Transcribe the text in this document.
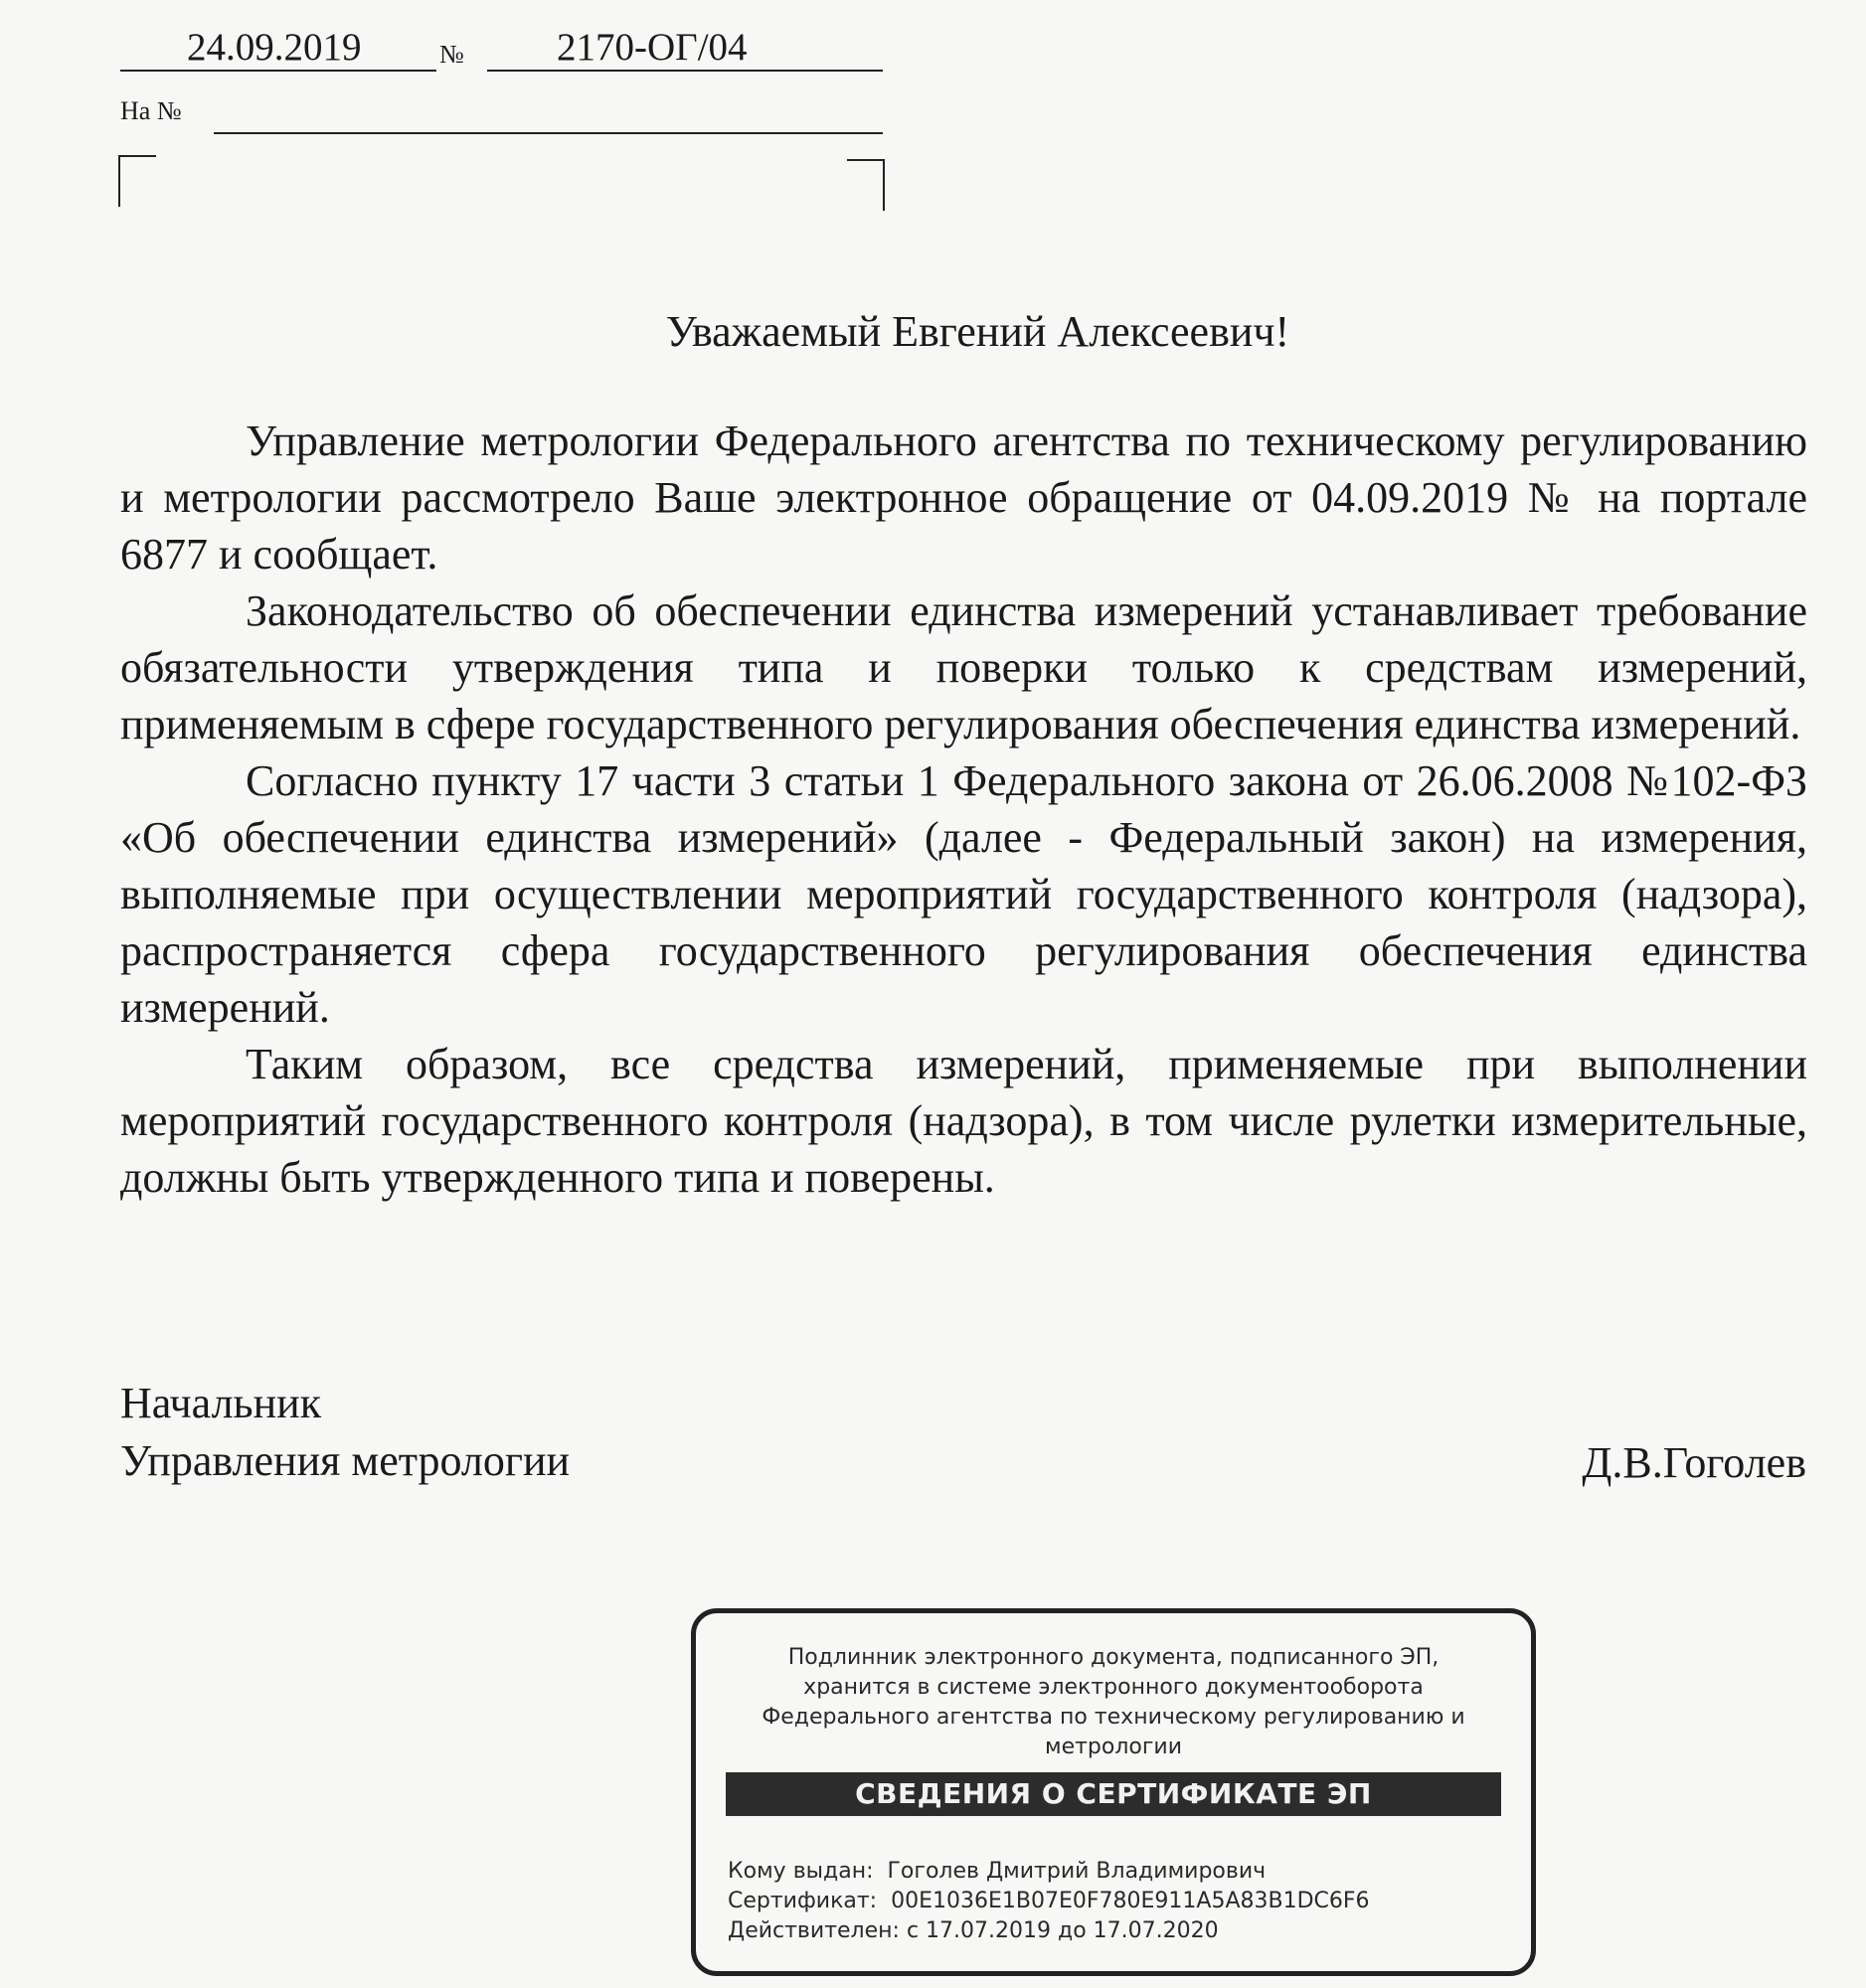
24.09.2019	№ 2170-ОГ/04
На №
Уважаемый Евгений Алексеевич!

Управление метрологии Федерального агентства по техническому регулированию и метрологии рассмотрело Ваше электронное обращение от 04.09.2019 № на портале 6877 и сообщает.

Законодательство об обеспечении единства измерений устанавливает требование обязательности утверждения типа и поверки только к средствам измерений, применяемым в сфере государственного регулирования обеспечения единства измерений.

Согласно пункту 17 части 3 статьи 1 Федерального закона от 26.06.2008 №102-ФЗ «Об обеспечении единства измерений» (далее - Федеральный закон) на измерения, выполняемые при осуществлении мероприятий государственного контроля (надзора), распространяется сфера государственного регулирования обеспечения единства измерений.

Таким образом, все средства измерений, применяемые при выполнении мероприятий государственного контроля (надзора), в том числе рулетки измерительные, должны быть утвержденного типа и поверены.

Начальник
Управления метрологии	Д.В.Гоголев
Подлинник электронного документа, подписанного ЭП,
хранится в системе электронного документооборота
Федерального агентства по техническому регулированию и
метрологии
СВЕДЕНИЯ О СЕРТИФИКАТЕ ЭП
Кому выдан: Гоголев Дмитрий Владимирович
Сертификат: 00E1036E1B07E0F780E911A5A83B1DC6F6
Действителен: с 17.07.2019 до 17.07.2020
